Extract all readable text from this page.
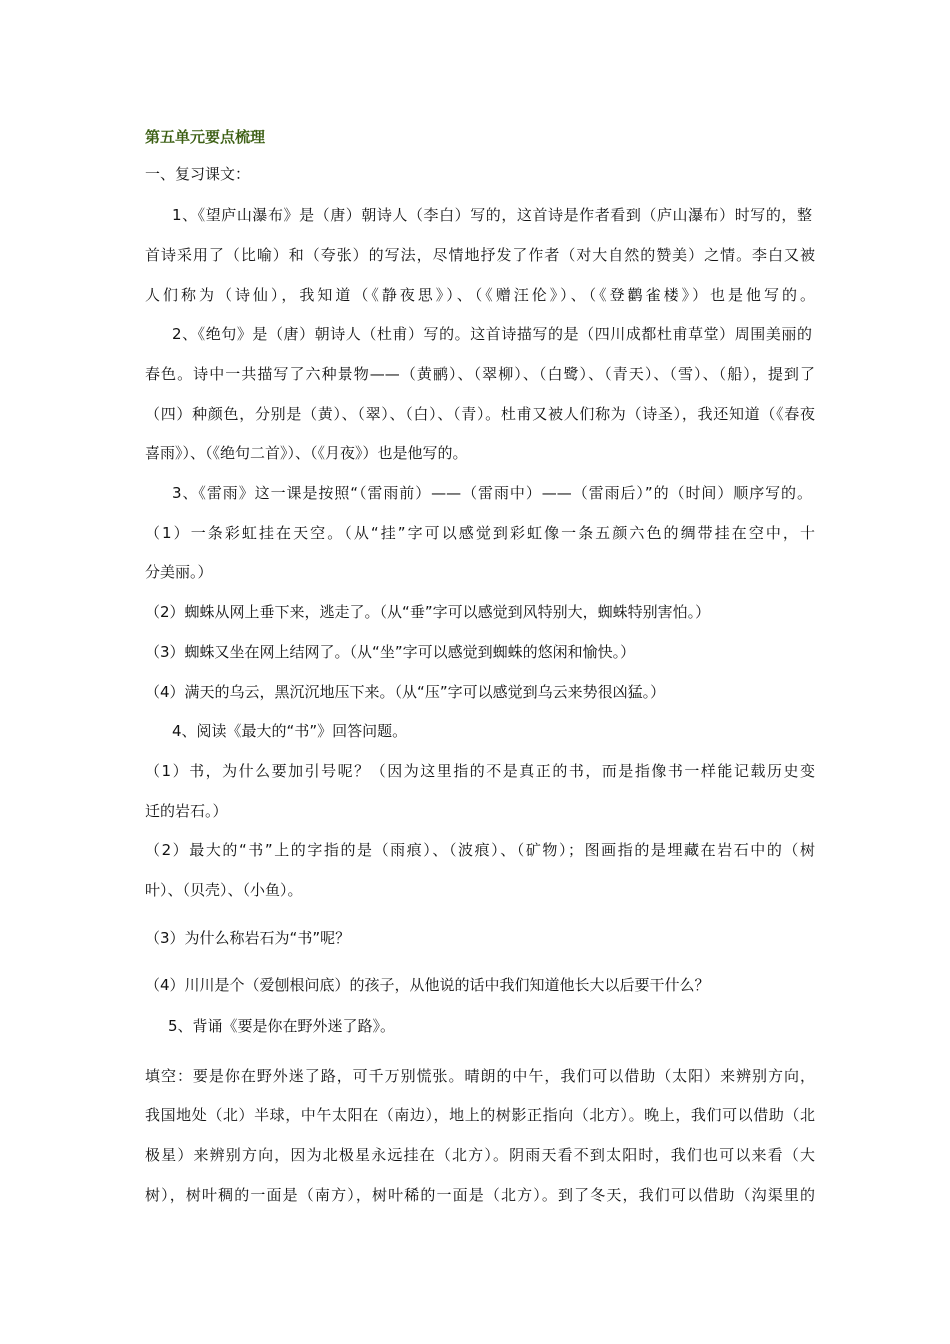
第五单元要点梳理
一、复习课文：
1、《望庐山瀑布》是（唐）朝诗人（李白）写的，这首诗是作者看到（庐山瀑布）时写的，整
首诗采用了（比喻）和（夸张）的写法，尽情地抒发了作者（对大自然的赞美）之情。李白又被
人们称为（诗仙），我知道（《静夜思》）、（《赠汪伦》）、（《登鹳雀楼》）也是他写的。
2、《绝句》是（唐）朝诗人（杜甫）写的。这首诗描写的是（四川成都杜甫草堂）周围美丽的
春色。诗中一共描写了六种景物——（黄鹂）、（翠柳）、（白鹭）、（青天）、（雪）、（船），提到了
（四）种颜色，分别是（黄）、（翠）、（白）、（青）。杜甫又被人们称为（诗圣），我还知道（《春夜
喜雨》）、（《绝句二首》）、（《月夜》）也是他写的。
3、《雷雨》这一课是按照“（雷雨前）——（雷雨中）——（雷雨后）”的（时间）顺序写的。
（1）一条彩虹挂在天空。（从“挂”字可以感觉到彩虹像一条五颜六色的绸带挂在空中，十
分美丽。）
（2）蜘蛛从网上垂下来，逃走了。（从“垂”字可以感觉到风特别大，蜘蛛特别害怕。）
（3）蜘蛛又坐在网上结网了。（从“坐”字可以感觉到蜘蛛的悠闲和愉快。）
（4）满天的乌云，黑沉沉地压下来。（从“压”字可以感觉到乌云来势很凶猛。）
4、阅读《最大的“书”》回答问题。
（1）书，为什么要加引号呢？（因为这里指的不是真正的书，而是指像书一样能记载历史变
迁的岩石。）
（2）最大的“书”上的字指的是（雨痕）、（波痕）、（矿物）；图画指的是埋藏在岩石中的（树
叶）、（贝壳）、（小鱼）。
（3）为什么称岩石为“书”呢？
（4）川川是个（爱刨根问底）的孩子，从他说的话中我们知道他长大以后要干什么？
5、背诵《要是你在野外迷了路》。
填空：要是你在野外迷了路，可千万别慌张。晴朗的中午，我们可以借助（太阳）来辨别方向，
我国地处（北）半球，中午太阳在（南边），地上的树影正指向（北方）。晚上，我们可以借助（北
极星）来辨别方向，因为北极星永远挂在（北方）。阴雨天看不到太阳时，我们也可以来看（大
树），树叶稠的一面是（南方），树叶稀的一面是（北方）。到了冬天，我们可以借助（沟渠里的
